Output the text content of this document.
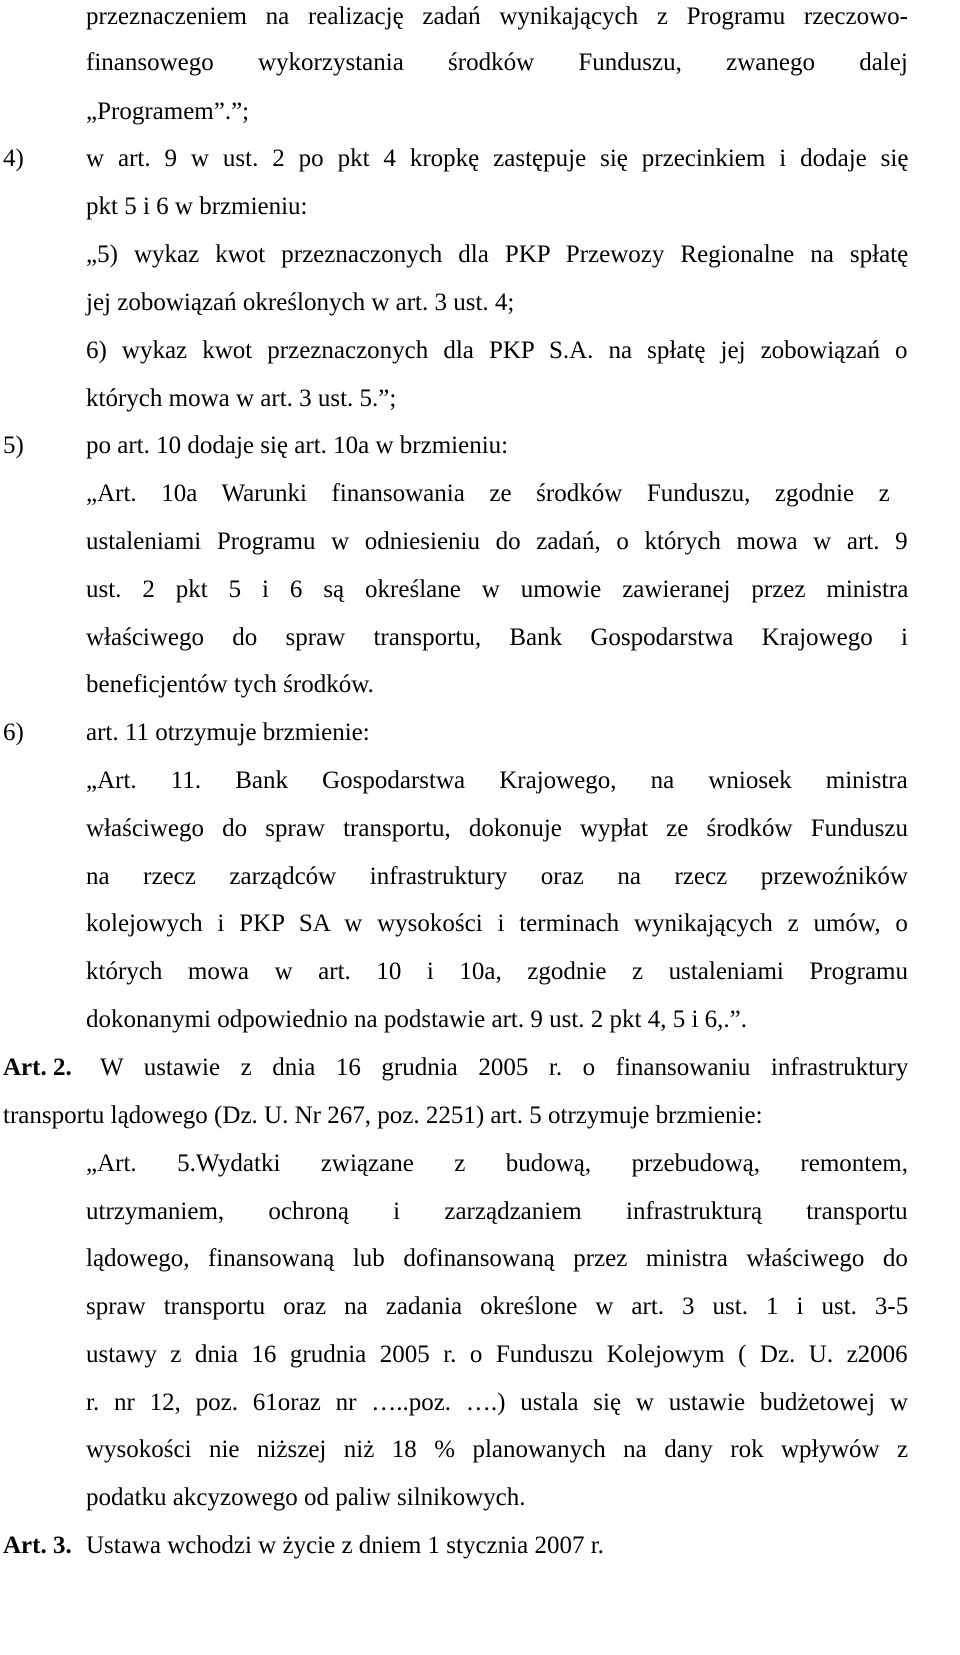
przeznaczeniem na realizację zadań wynikających z Programu rzeczowo-
finansowego wykorzystania środków Funduszu, zwanego dalej
„Programem”.”;
4) w art. 9 w ust. 2 po pkt 4 kropkę zastępuje się przecinkiem i dodaje się
pkt 5 i 6 w brzmieniu:
„5) wykaz kwot przeznaczonych dla PKP Przewozy Regionalne na spłatę
jej zobowiązań określonych w art. 3 ust. 4;
6) wykaz kwot przeznaczonych dla PKP S.A. na spłatę jej zobowiązań o
których mowa w art. 3 ust. 5.”;
5) po art. 10 dodaje się art. 10a w brzmieniu:
„Art. 10a Warunki finansowania ze środków Funduszu, zgodnie z
ustaleniami Programu w odniesieniu do zadań, o których mowa w art. 9
ust. 2 pkt 5 i 6 są określane w umowie zawieranej przez ministra
właściwego do spraw transportu, Bank Gospodarstwa Krajowego i
beneficjentów tych środków.
6) art. 11 otrzymuje brzmienie:
„Art. 11. Bank Gospodarstwa Krajowego, na wniosek ministra
właściwego do spraw transportu, dokonuje wypłat ze środków Funduszu
na rzecz zarządców infrastruktury oraz na rzecz przewoźników
kolejowych i PKP SA w wysokości i terminach wynikających z umów, o
których mowa w art. 10 i 10a, zgodnie z ustaleniami Programu
dokonanymi odpowiednio na podstawie art. 9 ust. 2 pkt 4, 5 i 6,.”.
Art. 2. W ustawie z dnia 16 grudnia 2005 r. o finansowaniu infrastruktury
transportu lądowego (Dz. U. Nr 267, poz. 2251) art. 5 otrzymuje brzmienie:
„Art. 5.Wydatki związane z budową, przebudową, remontem,
utrzymaniem, ochroną i zarządzaniem infrastrukturą transportu
lądowego, finansowaną lub dofinansowaną przez ministra właściwego do
spraw transportu oraz na zadania określone w art. 3 ust. 1 i ust. 3-5
ustawy z dnia 16 grudnia 2005 r. o Funduszu Kolejowym ( Dz. U. z2006
r. nr 12, poz. 61oraz nr …..poz. ….) ustala się w ustawie budżetowej w
wysokości nie niższej niż 18 % planowanych na dany rok wpływów z
podatku akcyzowego od paliw silnikowych.
Art. 3. Ustawa wchodzi w życie z dniem 1 stycznia 2007 r.
